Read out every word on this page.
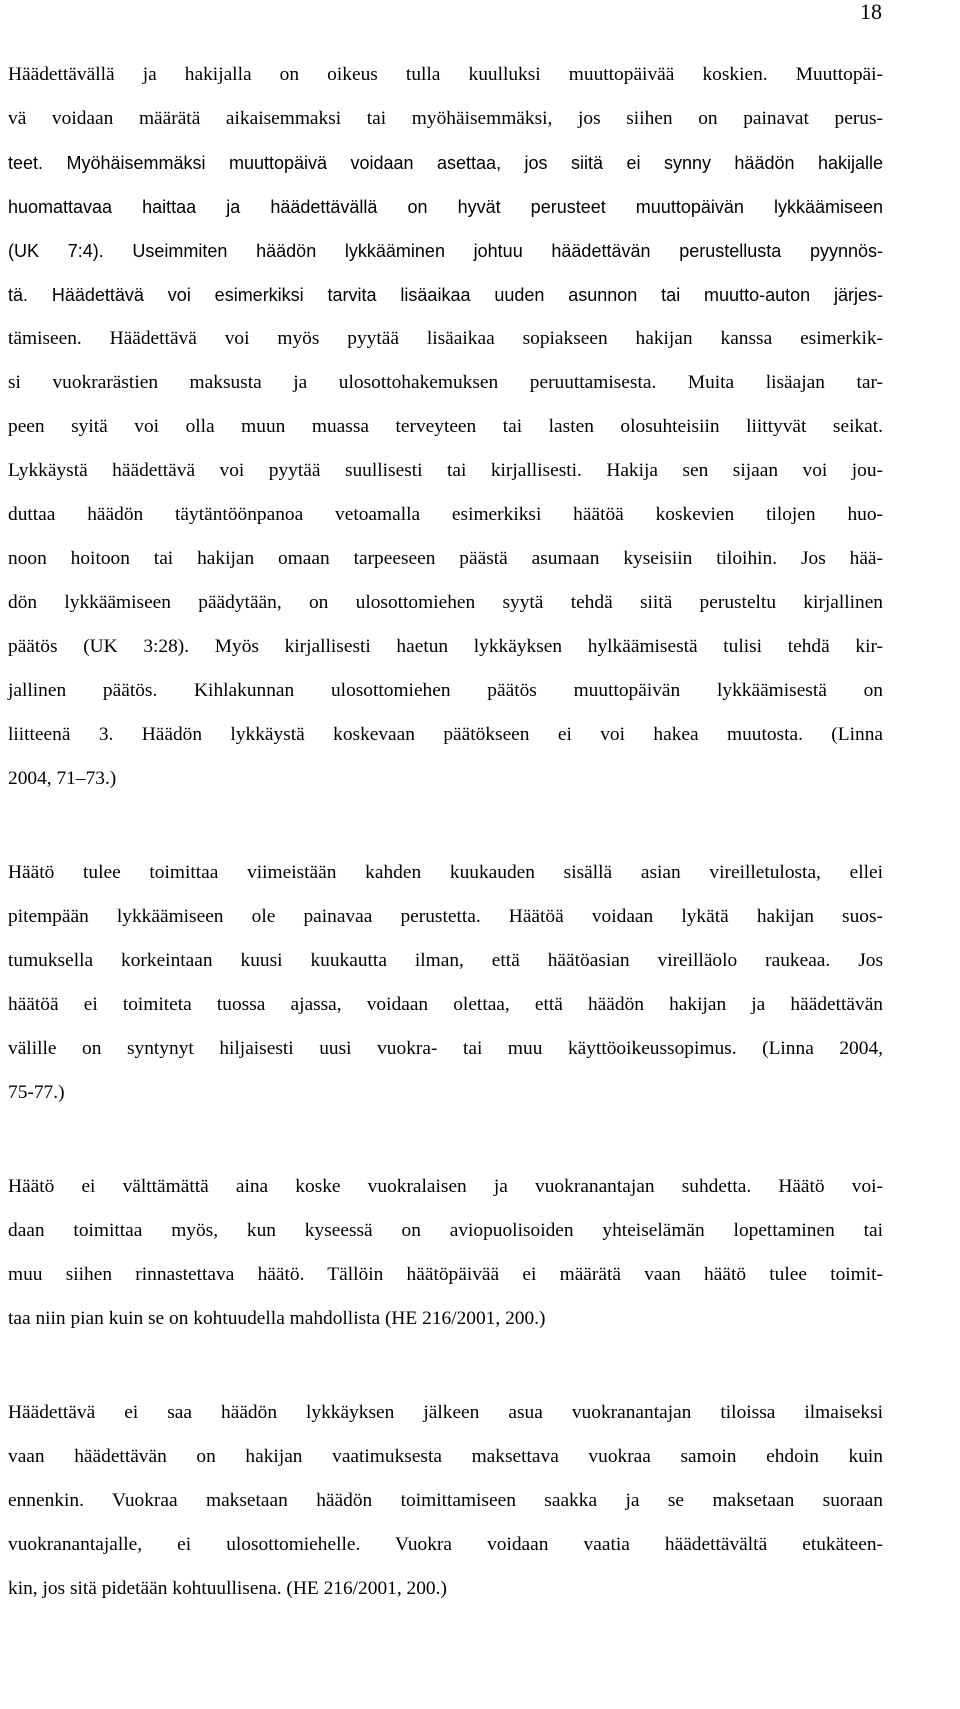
18
Häädettävällä ja hakijalla on oikeus tulla kuulluksi muuttopäivää koskien. Muuttopäi-
vä voidaan määrätä aikaisemmaksi tai myöhäisemmäksi, jos siihen on painavat perus-
teet. Myöhäisemmäksi muuttopäivä voidaan asettaa, jos siitä ei synny häädön hakijalle
huomattavaa haittaa ja häädettävällä on hyvät perusteet muuttopäivän lykkäämiseen
(UK 7:4). Useimmiten häädön lykkääminen johtuu häädettävän perustellusta pyynnös-
tä. Häädettävä voi esimerkiksi tarvita lisäaikaa uuden asunnon tai muutto-auton järjes-
tämiseen. Häädettävä voi myös pyytää lisäaikaa sopiakseen hakijan kanssa esimerkik-
si vuokrarästien maksusta ja ulosottohakemuksen peruuttamisesta. Muita lisäajan tar-
peen syitä voi olla muun muassa terveyteen tai lasten olosuhteisiin liittyvät seikat.
Lykkäystä häädettävä voi pyytää suullisesti tai kirjallisesti. Hakija sen sijaan voi jou-
duttaa häädön täytäntöönpanoa vetoamalla esimerkiksi häätöä koskevien tilojen huo-
noon hoitoon tai hakijan omaan tarpeeseen päästä asumaan kyseisiin tiloihin. Jos hää-
dön lykkäämiseen päädytään, on ulosottomiehen syytä tehdä siitä perusteltu kirjallinen
päätös (UK 3:28). Myös kirjallisesti haetun lykkäyksen hylkäämisestä tulisi tehdä kir-
jallinen päätös. Kihlakunnan ulosottomiehen päätös muuttopäivän lykkäämisestä on
liitteenä 3. Häädön lykkäystä koskevaan päätökseen ei voi hakea muutosta. (Linna
2004, 71–73.)
Häätö tulee toimittaa viimeistään kahden kuukauden sisällä asian vireilletulosta, ellei
pitempään lykkäämiseen ole painavaa perustetta. Häätöä voidaan lykätä hakijan suos-
tumuksella korkeintaan kuusi kuukautta ilman, että häätöasian vireilläolo raukeaa. Jos
häätöä ei toimiteta tuossa ajassa, voidaan olettaa, että häädön hakijan ja häädettävän
välille on syntynyt hiljaisesti uusi vuokra- tai muu käyttöoikeussopimus. (Linna 2004,
75-77.)
Häätö ei välttämättä aina koske vuokralaisen ja vuokranantajan suhdetta. Häätö voi-
daan toimittaa myös, kun kyseessä on aviopuolisoiden yhteiselämän lopettaminen tai
muu siihen rinnastettava häätö. Tällöin häätöpäivää ei määrätä vaan häätö tulee toimit-
taa niin pian kuin se on kohtuudella mahdollista (HE 216/2001, 200.)
Häädettävä ei saa häädön lykkäyksen jälkeen asua vuokranantajan tiloissa ilmaiseksi
vaan häädettävän on hakijan vaatimuksesta maksettava vuokraa samoin ehdoin kuin
ennenkin. Vuokraa maksetaan häädön toimittamiseen saakka ja se maksetaan suoraan
vuokranantajalle, ei ulosottomiehelle. Vuokra voidaan vaatia häädettävältä etukäteen-
kin, jos sitä pidetään kohtuullisena. (HE 216/2001, 200.)
